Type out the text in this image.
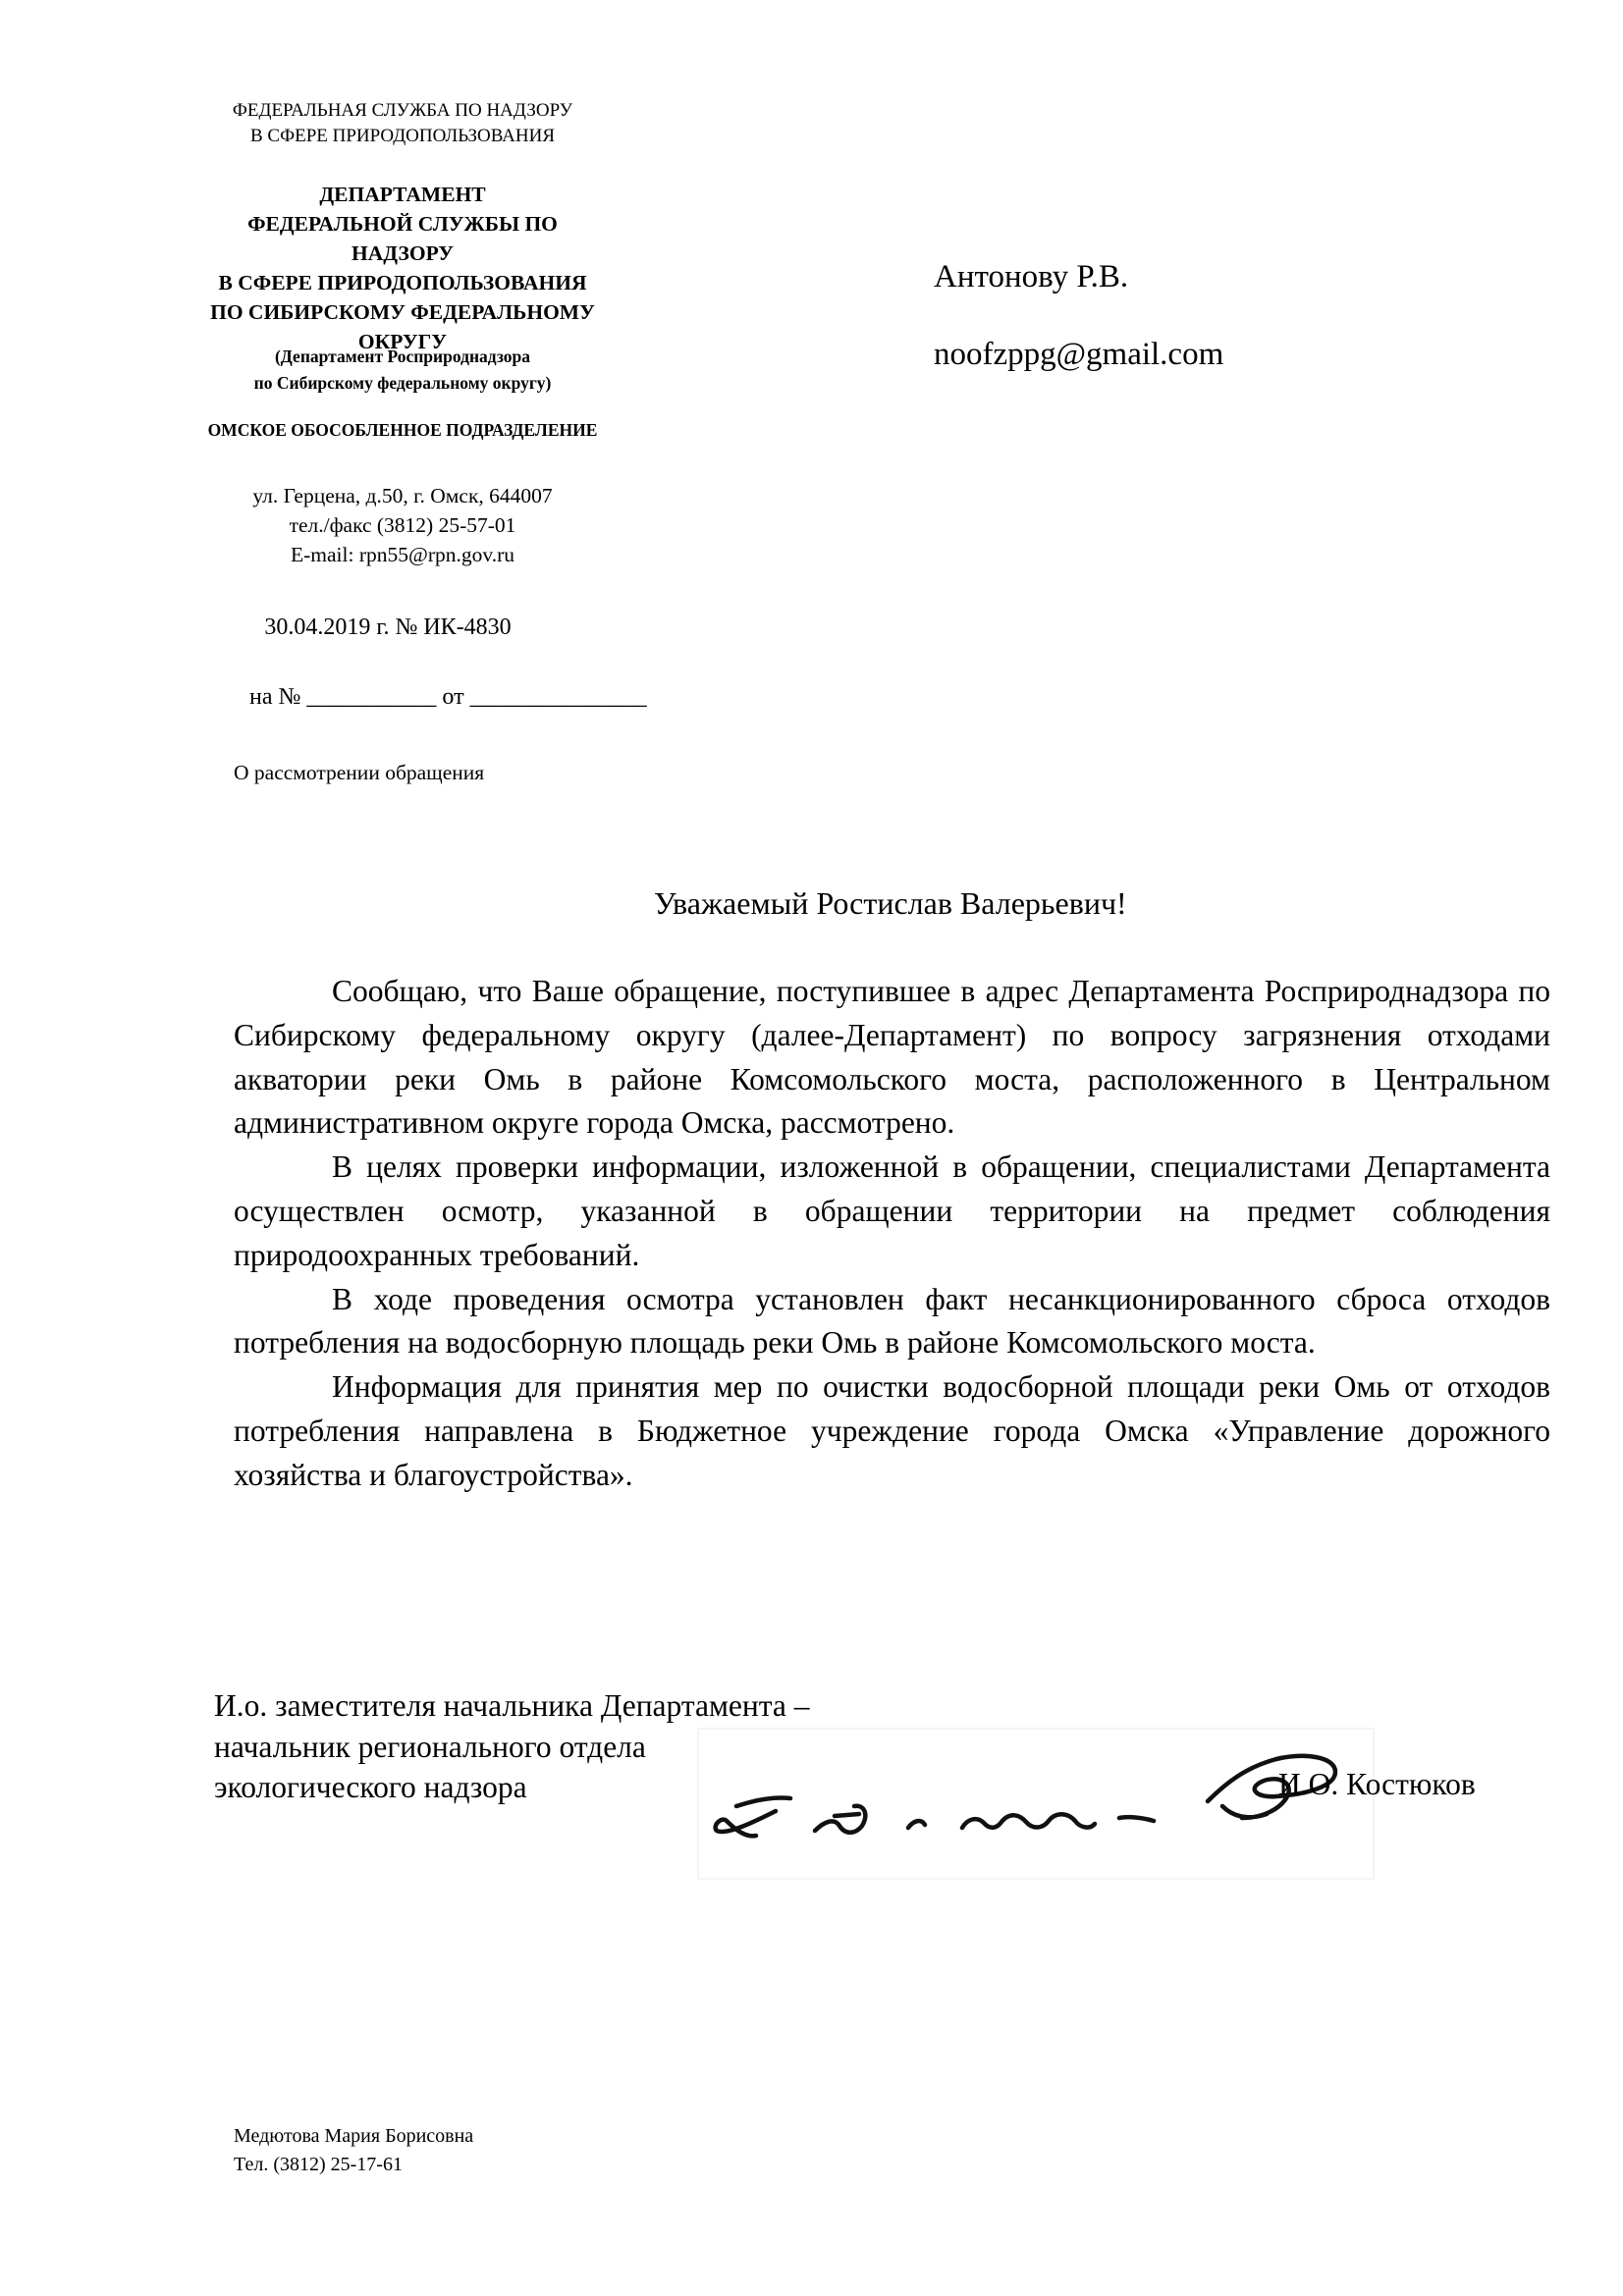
ФЕДЕРАЛЬНАЯ СЛУЖБА ПО НАДЗОРУ
В СФЕРЕ ПРИРОДОПОЛЬЗОВАНИЯ
ДЕПАРТАМЕНТ
ФЕДЕРАЛЬНОЙ СЛУЖБЫ ПО НАДЗОРУ
В СФЕРЕ ПРИРОДОПОЛЬЗОВАНИЯ
ПО СИБИРСКОМУ ФЕДЕРАЛЬНОМУ
ОКРУГУ
(Департамент Росприроднадзора
по Сибирскому федеральному округу)
ОМСКОЕ ОБОСОБЛЕННОЕ ПОДРАЗДЕЛЕНИЕ
ул. Герцена, д.50, г. Омск, 644007
тел./факс (3812) 25-57-01
E-mail: rpn55@rpn.gov.ru
30.04.2019 г. № ИК-4830
на № ___________ от _______________
О рассмотрении обращения
Антонову Р.В.
noofzppg@gmail.com
Уважаемый Ростислав Валерьевич!

Сообщаю, что Ваше обращение, поступившее в адрес Департамента Росприроднадзора по Сибирскому федеральному округу (далее-Департамент) по вопросу загрязнения отходами акватории реки Омь в районе Комсомольского моста, расположенного в Центральном административном округе города Омска, рассмотрено.

В целях проверки информации, изложенной в обращении, специалистами Департамента осуществлен осмотр, указанной в обращении территории на предмет соблюдения природоохранных требований.

В ходе проведения осмотра установлен факт несанкционированного сброса отходов потребления на водосборную площадь реки Омь в районе Комсомольского моста.

Информация для принятия мер по очистки водосборной площади реки Омь от отходов потребления направлена в Бюджетное учреждение города Омска «Управление дорожного хозяйства и благоустройства».

И.о. заместителя начальника Департамента –
начальник регионального отдела
экологического надзора	И.О. Костюков
Медютова Мария Борисовна
Тел. (3812) 25-17-61
